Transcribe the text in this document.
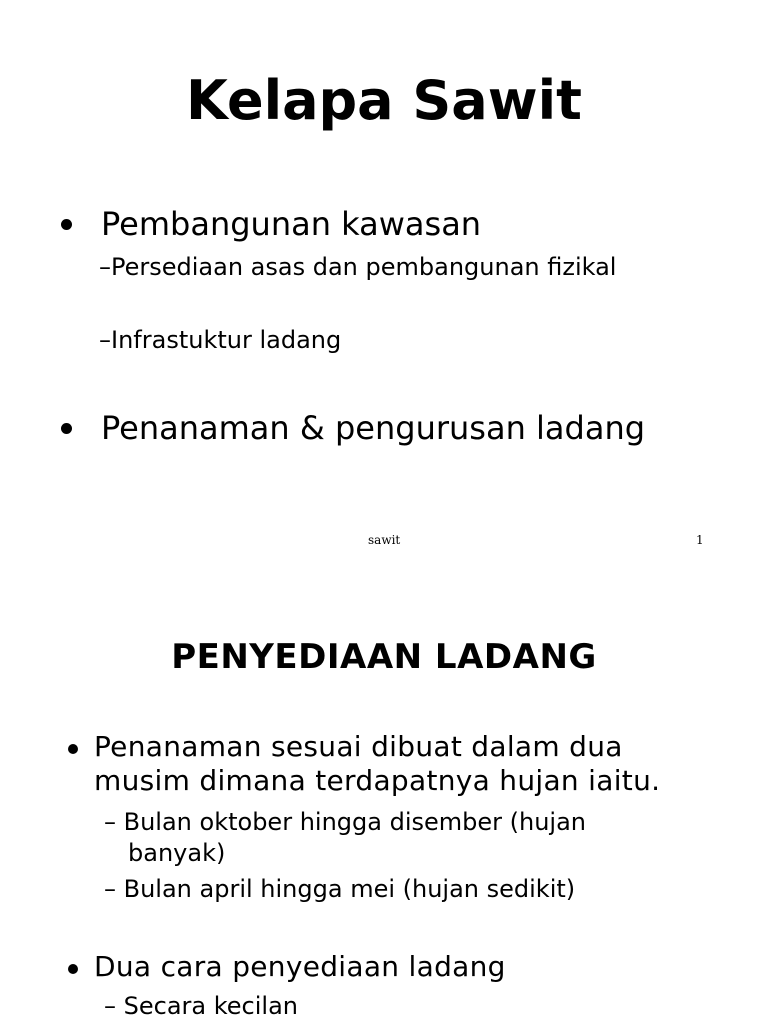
Kelapa Sawit
Pembangunan kawasan
–Persediaan asas dan pembangunan fizikal
–Infrastuktur ladang
Penanaman & pengurusan ladang
sawit	1
PENYEDIAAN LADANG
Penanaman sesuai dibuat dalam dua
musim dimana terdapatnya hujan iaitu.
– Bulan oktober hingga disember (hujan
banyak)
– Bulan april hingga mei (hujan sedikit)
Dua cara penyediaan ladang
– Secara kecilan
